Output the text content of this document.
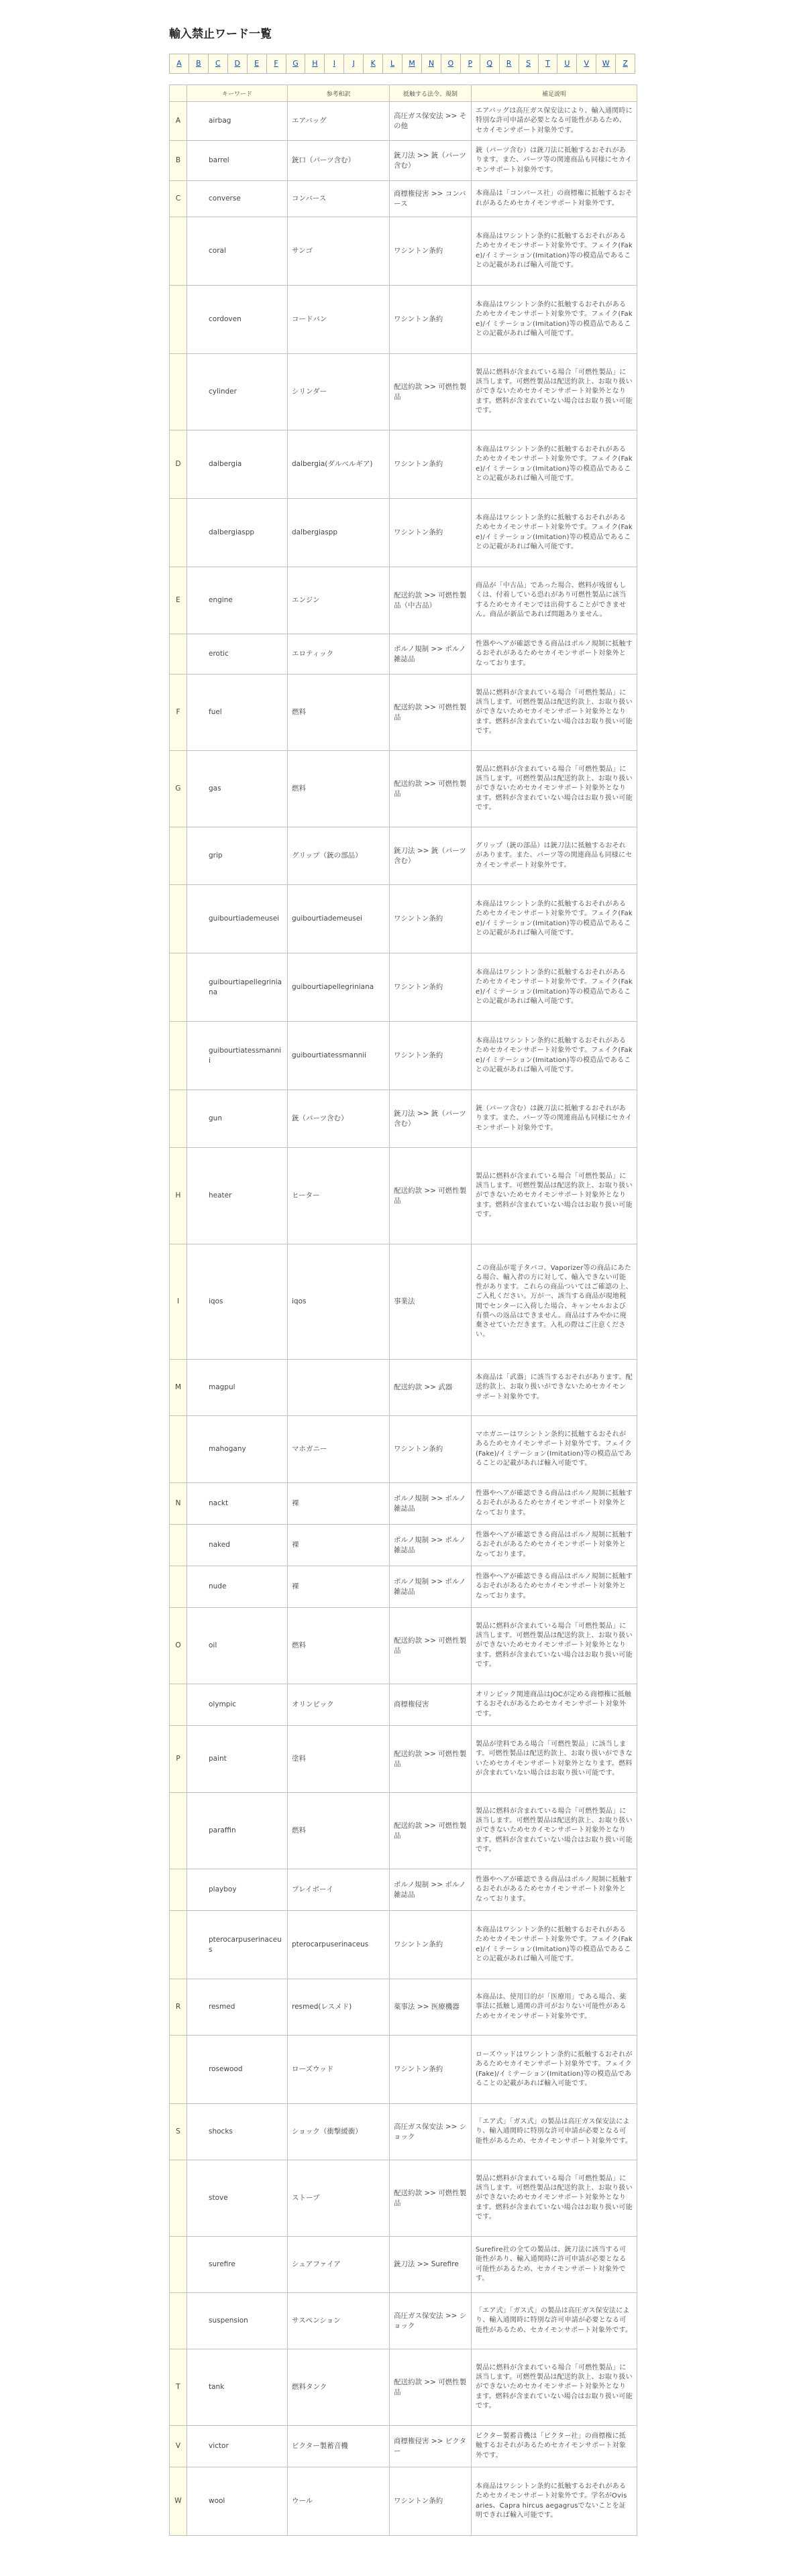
輸入禁止ワード一覧
A	B	C	D	E	F	G	H	I	J	K	L	M	N	O	P	Q	R	S	T	U	V	W	Z
	キーワード	参考和訳	抵触する法令、規制	補足説明
A	airbag	エアバッグ	高圧ガス保安法 >> その他	エアバッグは高圧ガス保安法により、輸入通関時に特別な許可申請が必要となる可能性があるため、セカイモンサポート対象外です。
B	barrel	銃口（パーツ含む）	銃刀法 >> 銃（パーツ含む）	銃（パーツ含む）は銃刀法に抵触するおそれがあります。また、パーツ等の関連商品も同様にセカイモンサポート対象外です。
C	converse	コンバース	商標権侵害 >> コンバース	本商品は「コンバース社」の商標権に抵触するおそれがあるためセカイモンサポート対象外です。
	coral	サンゴ	ワシントン条約	本商品はワシントン条約に抵触するおそれがあるためセカイモンサポート対象外です。フェイク(Fake)/イミテーション(Imitation)等の模造品であることの記載があれば輸入可能です。
	cordoven	コードバン	ワシントン条約	本商品はワシントン条約に抵触するおそれがあるためセカイモンサポート対象外です。フェイク(Fake)/イミテーション(Imitation)等の模造品であることの記載があれば輸入可能です。
	cylinder	シリンダー	配送約款 >> 可燃性製品	製品に燃料が含まれている場合「可燃性製品」に該当します。可燃性製品は配送約款上、お取り扱いができないためセカイモンサポート対象外となります。燃料が含まれていない場合はお取り扱い可能です。
D	dalbergia	dalbergia(ダルベルギア)	ワシントン条約	本商品はワシントン条約に抵触するおそれがあるためセカイモンサポート対象外です。フェイク(Fake)/イミテーション(Imitation)等の模造品であることの記載があれば輸入可能です。
	dalbergiaspp	dalbergiaspp	ワシントン条約	本商品はワシントン条約に抵触するおそれがあるためセカイモンサポート対象外です。フェイク(Fake)/イミテーション(Imitation)等の模造品であることの記載があれば輸入可能です。
E	engine	エンジン	配送約款 >> 可燃性製品（中古品）	商品が「中古品」であった場合、燃料が残留もしくは、付着している恐れがあり可燃性製品に該当するためセカイモンでは出荷することができません。商品が新品であれば問題ありません。
	erotic	エロティック	ポルノ規制 >> ポルノ雑誌品	性器やヘアが確認できる商品はポルノ規制に抵触するおそれがあるためセカイモンサポート対象外となっております。
F	fuel	燃料	配送約款 >> 可燃性製品	製品に燃料が含まれている場合「可燃性製品」に該当します。可燃性製品は配送約款上、お取り扱いができないためセカイモンサポート対象外となります。燃料が含まれていない場合はお取り扱い可能です。
G	gas	燃料	配送約款 >> 可燃性製品	製品に燃料が含まれている場合「可燃性製品」に該当します。可燃性製品は配送約款上、お取り扱いができないためセカイモンサポート対象外となります。燃料が含まれていない場合はお取り扱い可能です。
	grip	グリップ（銃の部品）	銃刀法 >> 銃（パーツ含む）	グリップ（銃の部品）は銃刀法に抵触するおそれがあります。また、パーツ等の関連商品も同様にセカイモンサポート対象外です。
	guibourtiademeusei	guibourtiademeusei	ワシントン条約	本商品はワシントン条約に抵触するおそれがあるためセカイモンサポート対象外です。フェイク(Fake)/イミテーション(Imitation)等の模造品であることの記載があれば輸入可能です。
	guibourtiapellegriniana	guibourtiapellegriniana	ワシントン条約	本商品はワシントン条約に抵触するおそれがあるためセカイモンサポート対象外です。フェイク(Fake)/イミテーション(Imitation)等の模造品であることの記載があれば輸入可能です。
	guibourtiatessmannii	guibourtiatessmannii	ワシントン条約	本商品はワシントン条約に抵触するおそれがあるためセカイモンサポート対象外です。フェイク(Fake)/イミテーション(Imitation)等の模造品であることの記載があれば輸入可能です。
	gun	銃（パーツ含む）	銃刀法 >> 銃（パーツ含む）	銃（パーツ含む）は銃刀法に抵触するおそれがあります。また、パーツ等の関連商品も同様にセカイモンサポート対象外です。
H	heater	ヒーター	配送約款 >> 可燃性製品	製品に燃料が含まれている場合「可燃性製品」に該当します。可燃性製品は配送約款上、お取り扱いができないためセカイモンサポート対象外となります。燃料が含まれていない場合はお取り扱い可能です。
I	iqos	iqos	事業法	この商品が電子タバコ、Vaporizer等の商品にあたる場合、輸入者の方に対して、輸入できない可能性があります。これらの商品ついてはご確認の上、ご入札ください。万が一、該当する商品が現地税関でセンターに入荷した場合、キャンセルおよび有償への返品はできません。商品はすみやかに廃棄させていただきます。入札の際はご注意ください。
M	magpul		配送約款 >> 武器	本商品は「武器」に該当するおそれがあります。配送約款上、お取り扱いができないためセカイモンサポート対象外です。
	mahogany	マホガニー	ワシントン条約	マホガニーはワシントン条約に抵触するおそれがあるためセカイモンサポート対象外です。フェイク(Fake)/イミテーション(Imitation)等の模造品であることの記載があれば輸入可能です。
N	nackt	裸	ポルノ規制 >> ポルノ雑誌品	性器やヘアが確認できる商品はポルノ規制に抵触するおそれがあるためセカイモンサポート対象外となっております。
	naked	裸	ポルノ規制 >> ポルノ雑誌品	性器やヘアが確認できる商品はポルノ規制に抵触するおそれがあるためセカイモンサポート対象外となっております。
	nude	裸	ポルノ規制 >> ポルノ雑誌品	性器やヘアが確認できる商品はポルノ規制に抵触するおそれがあるためセカイモンサポート対象外となっております。
O	oil	燃料	配送約款 >> 可燃性製品	製品に燃料が含まれている場合「可燃性製品」に該当します。可燃性製品は配送約款上、お取り扱いができないためセカイモンサポート対象外となります。燃料が含まれていない場合はお取り扱い可能です。
	olympic	オリンピック	商標権侵害	オリンピック関連商品はJOCが定める商標権に抵触するおそれがあるためセカイモンサポート対象外です。
P	paint	塗料	配送約款 >> 可燃性製品	製品が塗料である場合「可燃性製品」に該当します。可燃性製品は配送約款上、お取り扱いができないためセカイモンサポート対象外となります。燃料が含まれていない場合はお取り扱い可能です。
	paraffin	燃料	配送約款 >> 可燃性製品	製品に燃料が含まれている場合「可燃性製品」に該当します。可燃性製品は配送約款上、お取り扱いができないためセカイモンサポート対象外となります。燃料が含まれていない場合はお取り扱い可能です。
	playboy	プレイボーイ	ポルノ規制 >> ポルノ雑誌品	性器やヘアが確認できる商品はポルノ規制に抵触するおそれがあるためセカイモンサポート対象外となっております。
	pterocarpuserinaceus	pterocarpuserinaceus	ワシントン条約	本商品はワシントン条約に抵触するおそれがあるためセカイモンサポート対象外です。フェイク(Fake)/イミテーション(Imitation)等の模造品であることの記載があれば輸入可能です。
R	resmed	resmed(レスメド)	薬事法 >> 医療機器	本商品は、使用目的が「医療用」である場合、薬事法に抵触し通関の許可がおりない可能性があるためセカイモンサポート対象外です。
	rosewood	ローズウッド	ワシントン条約	ローズウッドはワシントン条約に抵触するおそれがあるためセカイモンサポート対象外です。フェイク(Fake)/イミテーション(Imitation)等の模造品であることの記載があれば輸入可能です。
S	shocks	ショック（衝撃緩衝）	高圧ガス保安法 >> ショック	「エア式」「ガス式」の製品は高圧ガス保安法により、輸入通関時に特別な許可申請が必要となる可能性があるため、セカイモンサポート対象外です。
	stove	ストーブ	配送約款 >> 可燃性製品	製品に燃料が含まれている場合「可燃性製品」に該当します。可燃性製品は配送約款上、お取り扱いができないためセカイモンサポート対象外となります。燃料が含まれていない場合はお取り扱い可能です。
	surefire	シュアファイア	銃刀法 >> Surefire	Surefire社の全ての製品は、銃刀法に該当する可能性があり、輸入通関時に許可申請が必要となる可能性があるため、セカイモンサポート対象外です。
	suspension	サスペンション	高圧ガス保安法 >> ショック	「エア式」「ガス式」の製品は高圧ガス保安法により、輸入通関時に特別な許可申請が必要となる可能性があるため、セカイモンサポート対象外です。
T	tank	燃料タンク	配送約款 >> 可燃性製品	製品に燃料が含まれている場合「可燃性製品」に該当します。可燃性製品は配送約款上、お取り扱いができないためセカイモンサポート対象外となります。燃料が含まれていない場合はお取り扱い可能です。
V	victor	ビクター製蓄音機	商標権侵害 >> ビクター	ビクター製蓄音機は「ビクター社」の商標権に抵触するおそれがあるためセカイモンサポート対象外です。
W	wool	ウール	ワシントン条約	本商品はワシントン条約に抵触するおそれがあるためセカイモンサポート対象外です。学名がOvis aries、Capra hircus aegagrusでないことを証明できれば輸入可能です。
